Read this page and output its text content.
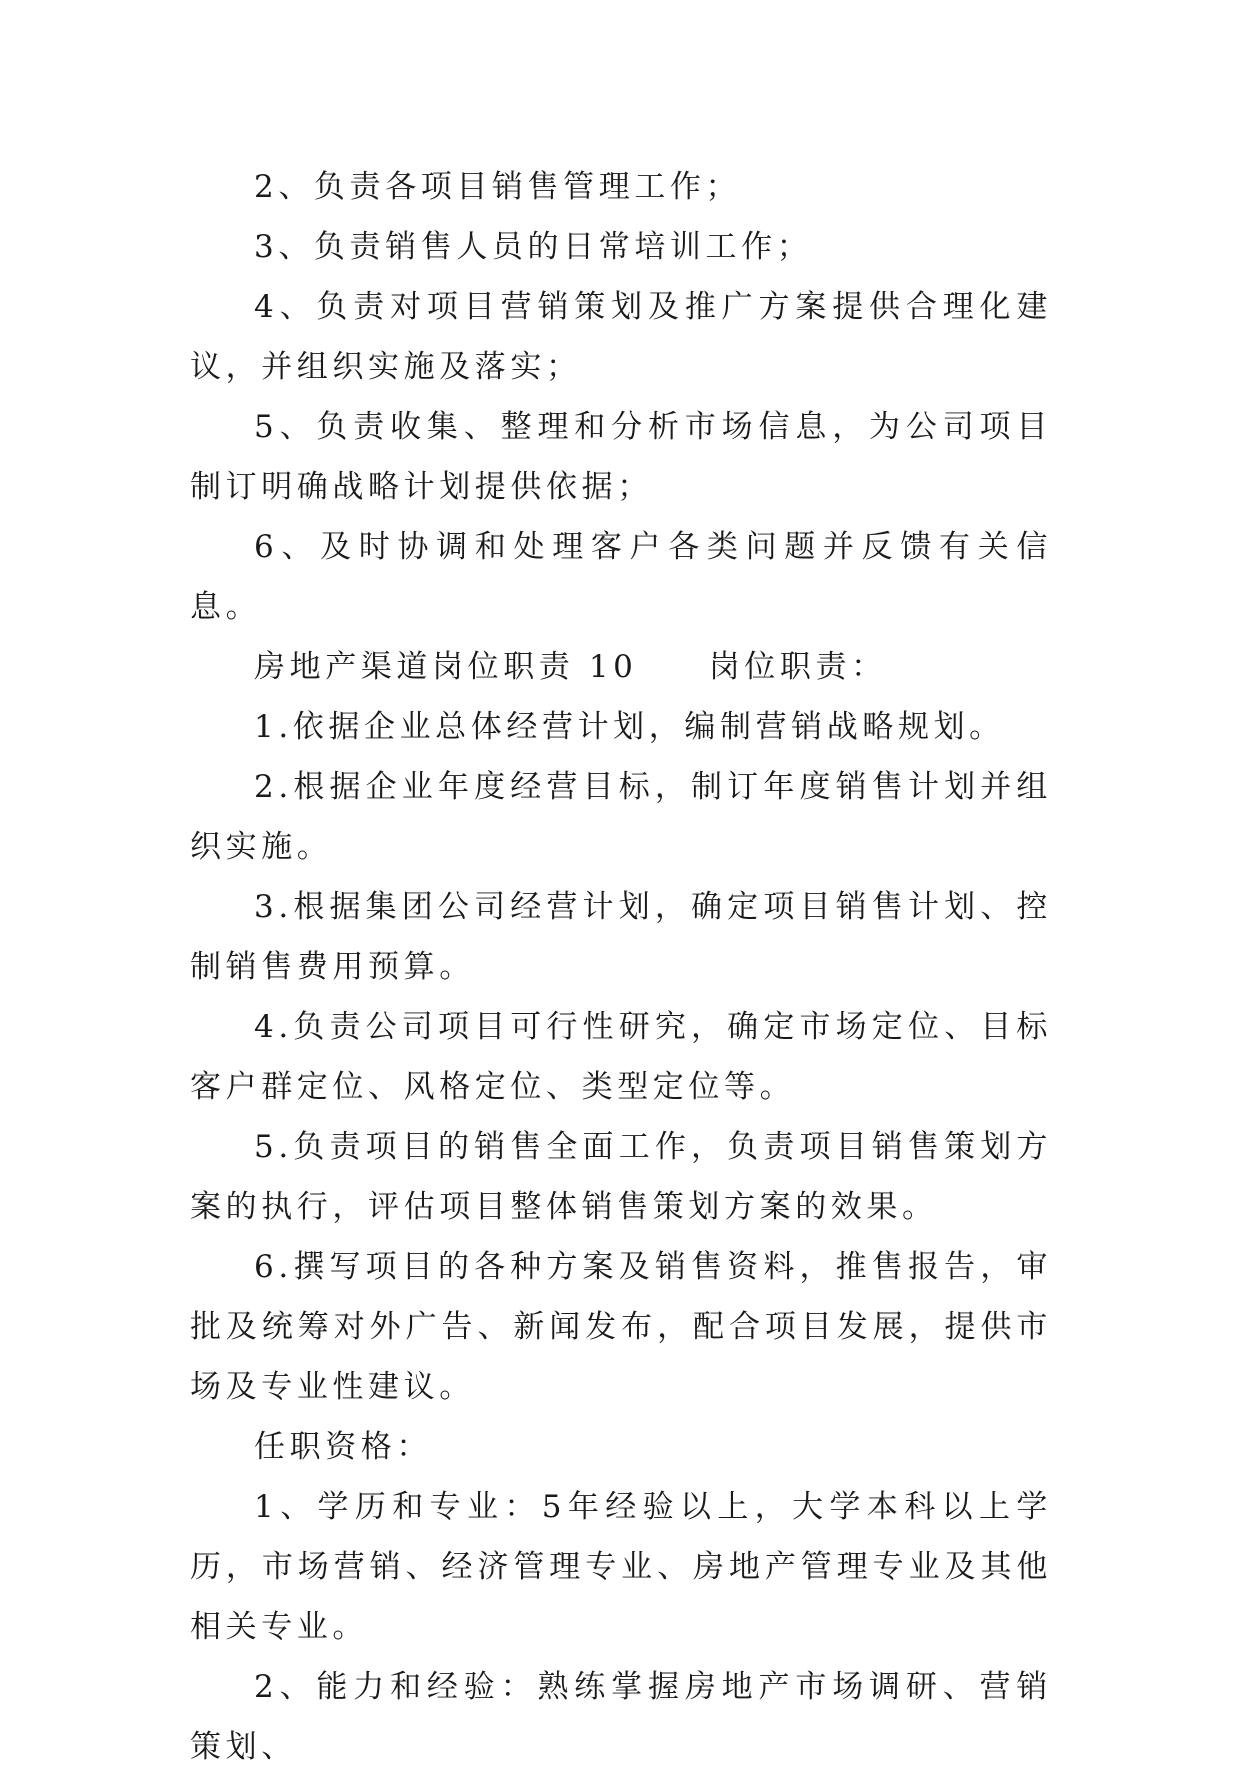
2、负责各项目销售管理工作；

3、负责销售人员的日常培训工作；

4、负责对项目营销策划及推广方案提供合理化建议，并组织实施及落实；

5、负责收集、整理和分析市场信息，为公司项目制订明确战略计划提供依据；

6、及时协调和处理客户各类问题并反馈有关信息。

房地产渠道岗位职责 10　　岗位职责：

1.依据企业总体经营计划，编制营销战略规划。

2.根据企业年度经营目标，制订年度销售计划并组织实施。

3.根据集团公司经营计划，确定项目销售计划、控制销售费用预算。

4.负责公司项目可行性研究，确定市场定位、目标客户群定位、风格定位、类型定位等。

5.负责项目的销售全面工作，负责项目销售策划方案的执行，评估项目整体销售策划方案的效果。

6.撰写项目的各种方案及销售资料，推售报告，审批及统筹对外广告、新闻发布，配合项目发展，提供市场及专业性建议。

任职资格：

1、学历和专业：5年经验以上，大学本科以上学历，市场营销、经济管理专业、房地产管理专业及其他相关专业。

2、能力和经验：熟练掌握房地产市场调研、营销策划、
